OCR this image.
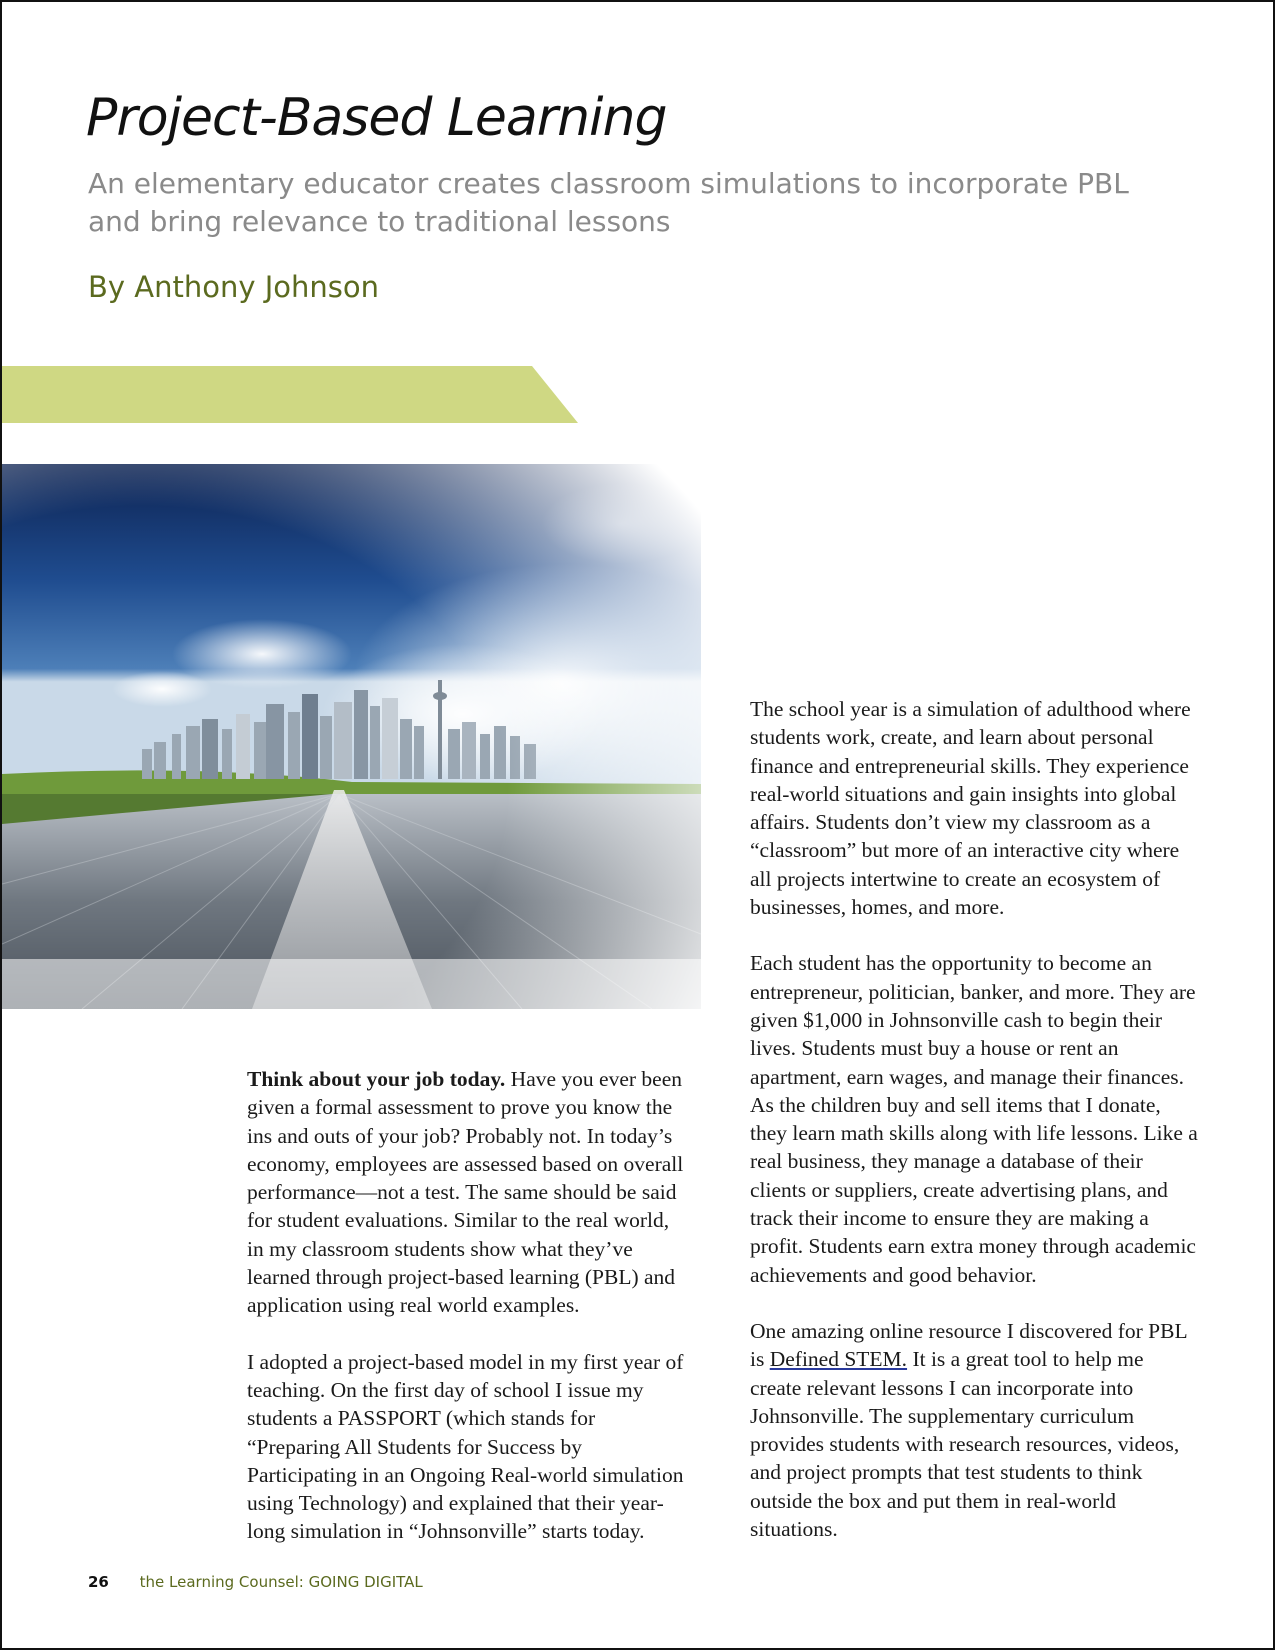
Project-Based Learning
An elementary educator creates classroom simulations to incorporate PBL and bring relevance to traditional lessons
By Anthony Johnson

Think about your job today. Have you ever been given a formal assessment to prove you know the ins and outs of your job? Probably not. In today’s economy, employees are assessed based on overall performance—not a test. The same should be said for student evaluations. Similar to the real world, in my classroom students show what they’ve learned through project-based learning (PBL) and application using real world examples.

I adopted a project-based model in my first year of teaching. On the first day of school I issue my students a PASSPORT (which stands for “Preparing All Students for Success by Participating in an Ongoing Real-world simulation using Technology) and explained that their year-long simulation in “Johnsonville” starts today.

The school year is a simulation of adulthood where students work, create, and learn about personal finance and entrepreneurial skills. They experience real-world situations and gain insights into global affairs. Students don’t view my classroom as a “classroom” but more of an interactive city where all projects intertwine to create an ecosystem of businesses, homes, and more.

Each student has the opportunity to become an entrepreneur, politician, banker, and more. They are given $1,000 in Johnsonville cash to begin their lives. Students must buy a house or rent an apartment, earn wages, and manage their finances. As the children buy and sell items that I donate, they learn math skills along with life lessons. Like a real business, they manage a database of their clients or suppliers, create advertising plans, and track their income to ensure they are making a profit. Students earn extra money through academic achievements and good behavior.

One amazing online resource I discovered for PBL is Defined STEM. It is a great tool to help me create relevant lessons I can incorporate into Johnsonville. The supplementary curriculum provides students with research resources, videos, and project prompts that test students to think outside the box and put them in real-world situations.

26 the Learning Counsel: GOING DIGITAL
